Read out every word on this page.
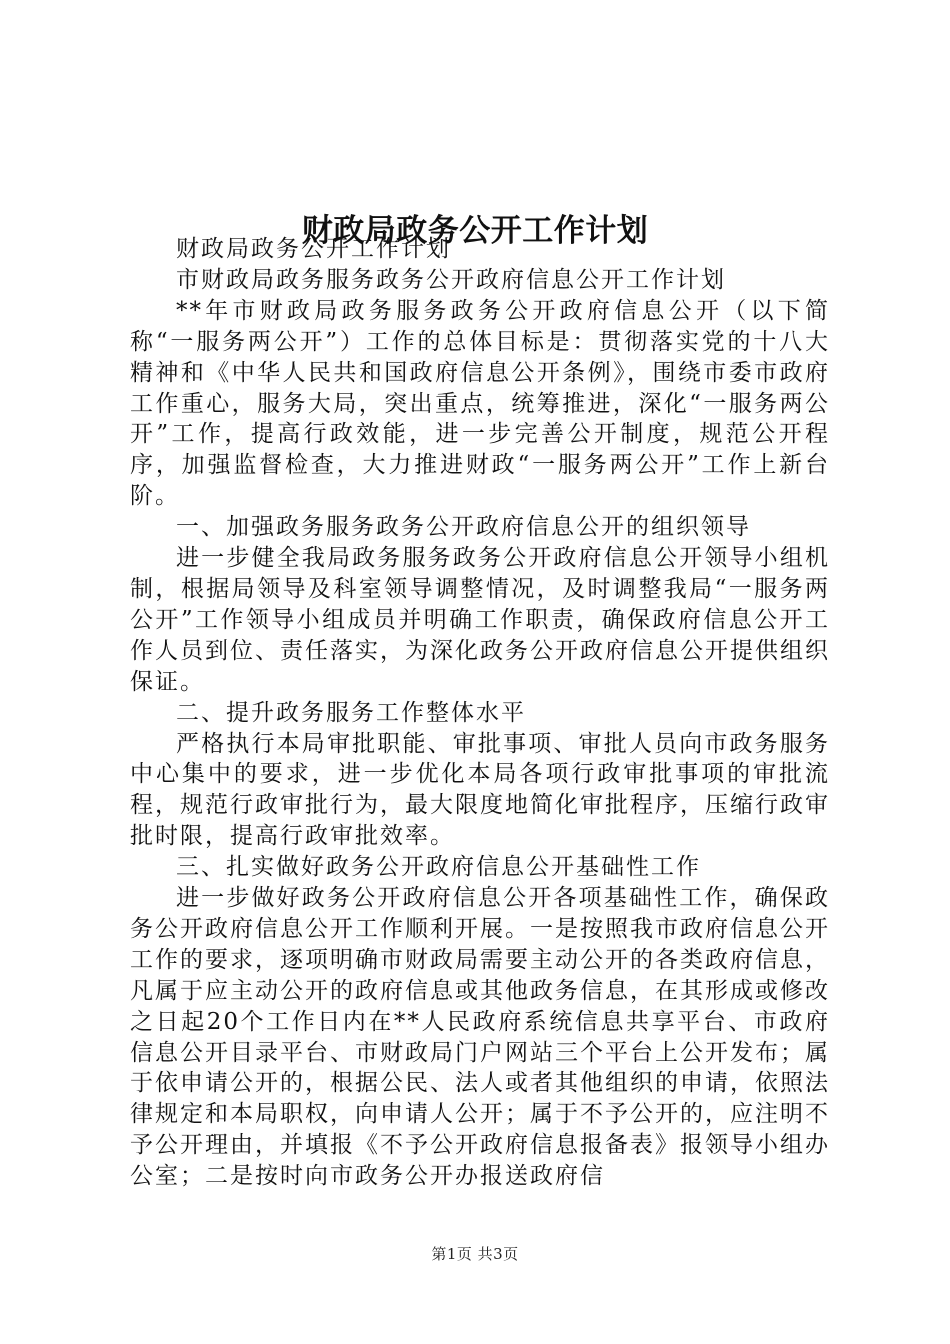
财政局政务公开工作计划

财政局政务公开工作计划

市财政局政务服务政务公开政府信息公开工作计划

**年市财政局政务服务政务公开政府信息公开（以下简称“一服务两公开”）工作的总体目标是：贯彻落实党的十八大精神和《中华人民共和国政府信息公开条例》，围绕市委市政府工作重心，服务大局，突出重点，统筹推进，深化“一服务两公开”工作，提高行政效能，进一步完善公开制度，规范公开程序，加强监督检查，大力推进财政“一服务两公开”工作上新台阶。

一、加强政务服务政务公开政府信息公开的组织领导

进一步健全我局政务服务政务公开政府信息公开领导小组机制，根据局领导及科室领导调整情况，及时调整我局“一服务两公开”工作领导小组成员并明确工作职责，确保政府信息公开工作人员到位、责任落实，为深化政务公开政府信息公开提供组织保证。

二、提升政务服务工作整体水平

严格执行本局审批职能、审批事项、审批人员向市政务服务中心集中的要求，进一步优化本局各项行政审批事项的审批流程，规范行政审批行为，最大限度地简化审批程序，压缩行政审批时限，提高行政审批效率。

三、扎实做好政务公开政府信息公开基础性工作

进一步做好政务公开政府信息公开各项基础性工作，确保政务公开政府信息公开工作顺利开展。一是按照我市政府信息公开工作的要求，逐项明确市财政局需要主动公开的各类政府信息，凡属于应主动公开的政府信息或其他政务信息，在其形成或修改之日起20个工作日内在**人民政府系统信息共享平台、市政府信息公开目录平台、市财政局门户网站三个平台上公开发布；属于依申请公开的，根据公民、法人或者其他组织的申请，依照法律规定和本局职权，向申请人公开；属于不予公开的，应注明不予公开理由，并填报《不予公开政府信息报备表》报领导小组办公室；二是按时向市政务公开办报送政府信

第1页 共3页
